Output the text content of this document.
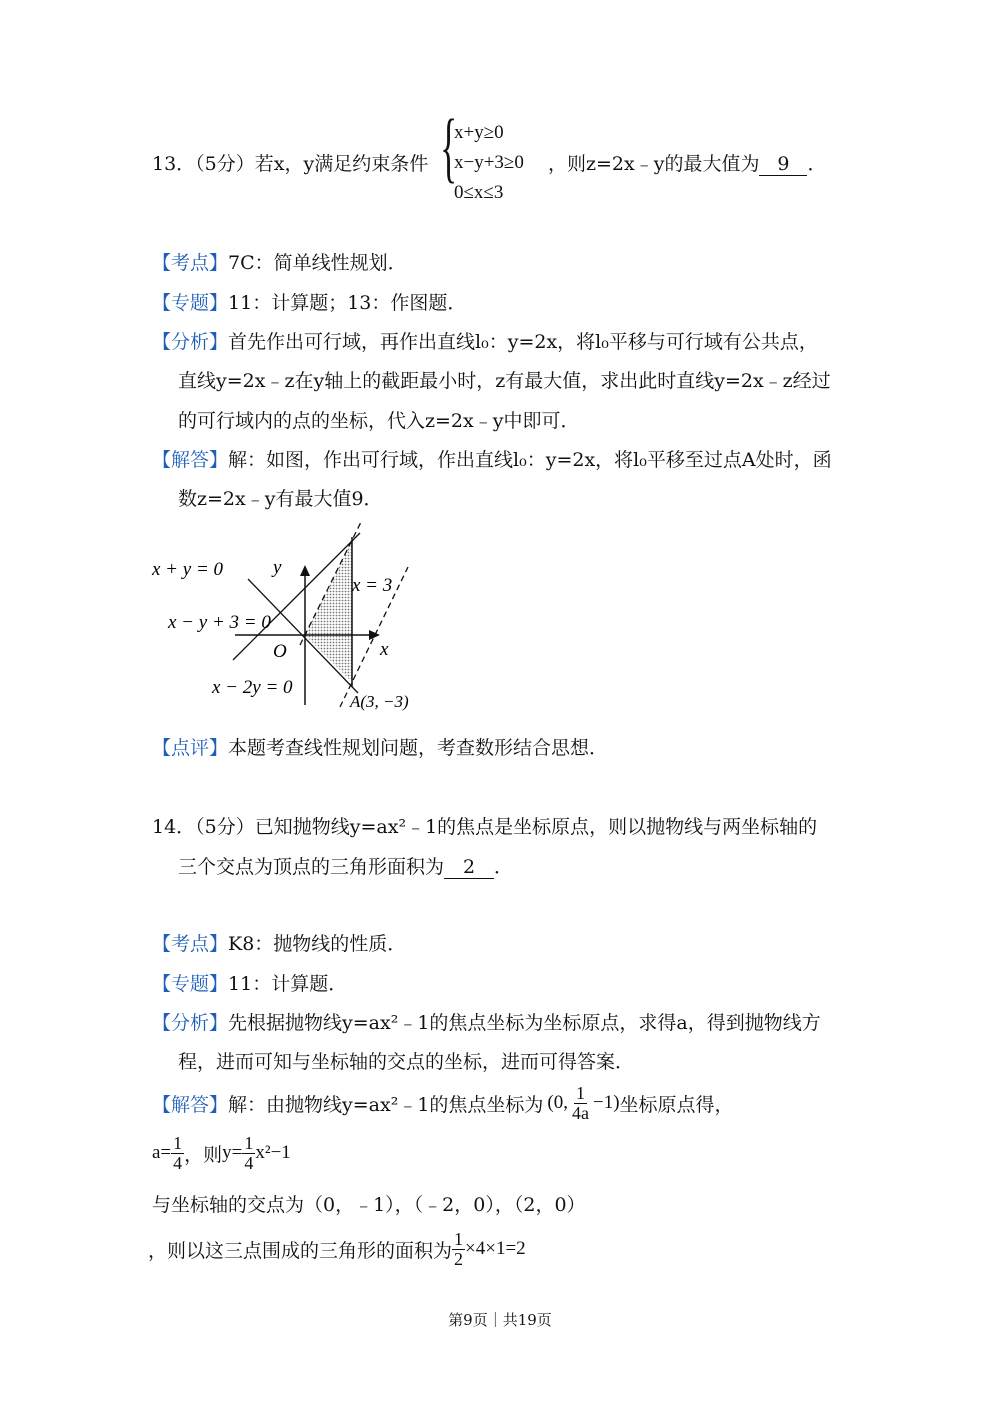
13．（5分）若x，y满足约束条件 {
x+y≥0
x−y+3≥0
0≤x≤3
，则z=2x﹣y的最大值为 9 ．
【考点】7C：简单线性规划．
【专题】11：计算题；13：作图题．
【分析】首先作出可行域，再作出直线l₀：y=2x，将l₀平移与可行域有公共点，
直线y=2x﹣z在y轴上的截距最小时，z有最大值，求出此时直线y=2x﹣z经过
的可行域内的点的坐标，代入z=2x﹣y中即可．
【解答】解：如图，作出可行域，作出直线l₀：y=2x，将l₀平移至过点A处时，函
数z=2x﹣y有最大值9．
x + y = 0
x − y + 3 = 0
x − 2y = 0
x = 3
y
x
O
A(3, −3)
【点评】本题考查线性规划问题，考查数形结合思想．
14．（5分）已知抛物线y=ax²﹣1的焦点是坐标原点，则以抛物线与两坐标轴的
三个交点为顶点的三角形面积为 2 ．
【考点】K8：抛物线的性质．
【专题】11：计算题．
【分析】先根据抛物线y=ax²﹣1的焦点坐标为坐标原点，求得a，得到抛物线方
程，进而可知与坐标轴的交点的坐标，进而可得答案．
【解答】 解：由抛物线y=ax²﹣1的焦点坐标为 (0, $\frac{1}{4a} -1$) 坐标原点得，
$a= \frac{1}{4}$ ，则 $y= \frac{1}{4} x^2-1$
与坐标轴的交点为（0，﹣1），（﹣2，0），（2，0）
，则以这三点围成的三角形的面积为 $\frac{1}{2} \times 4\times 1=2$
第9页｜共19页
